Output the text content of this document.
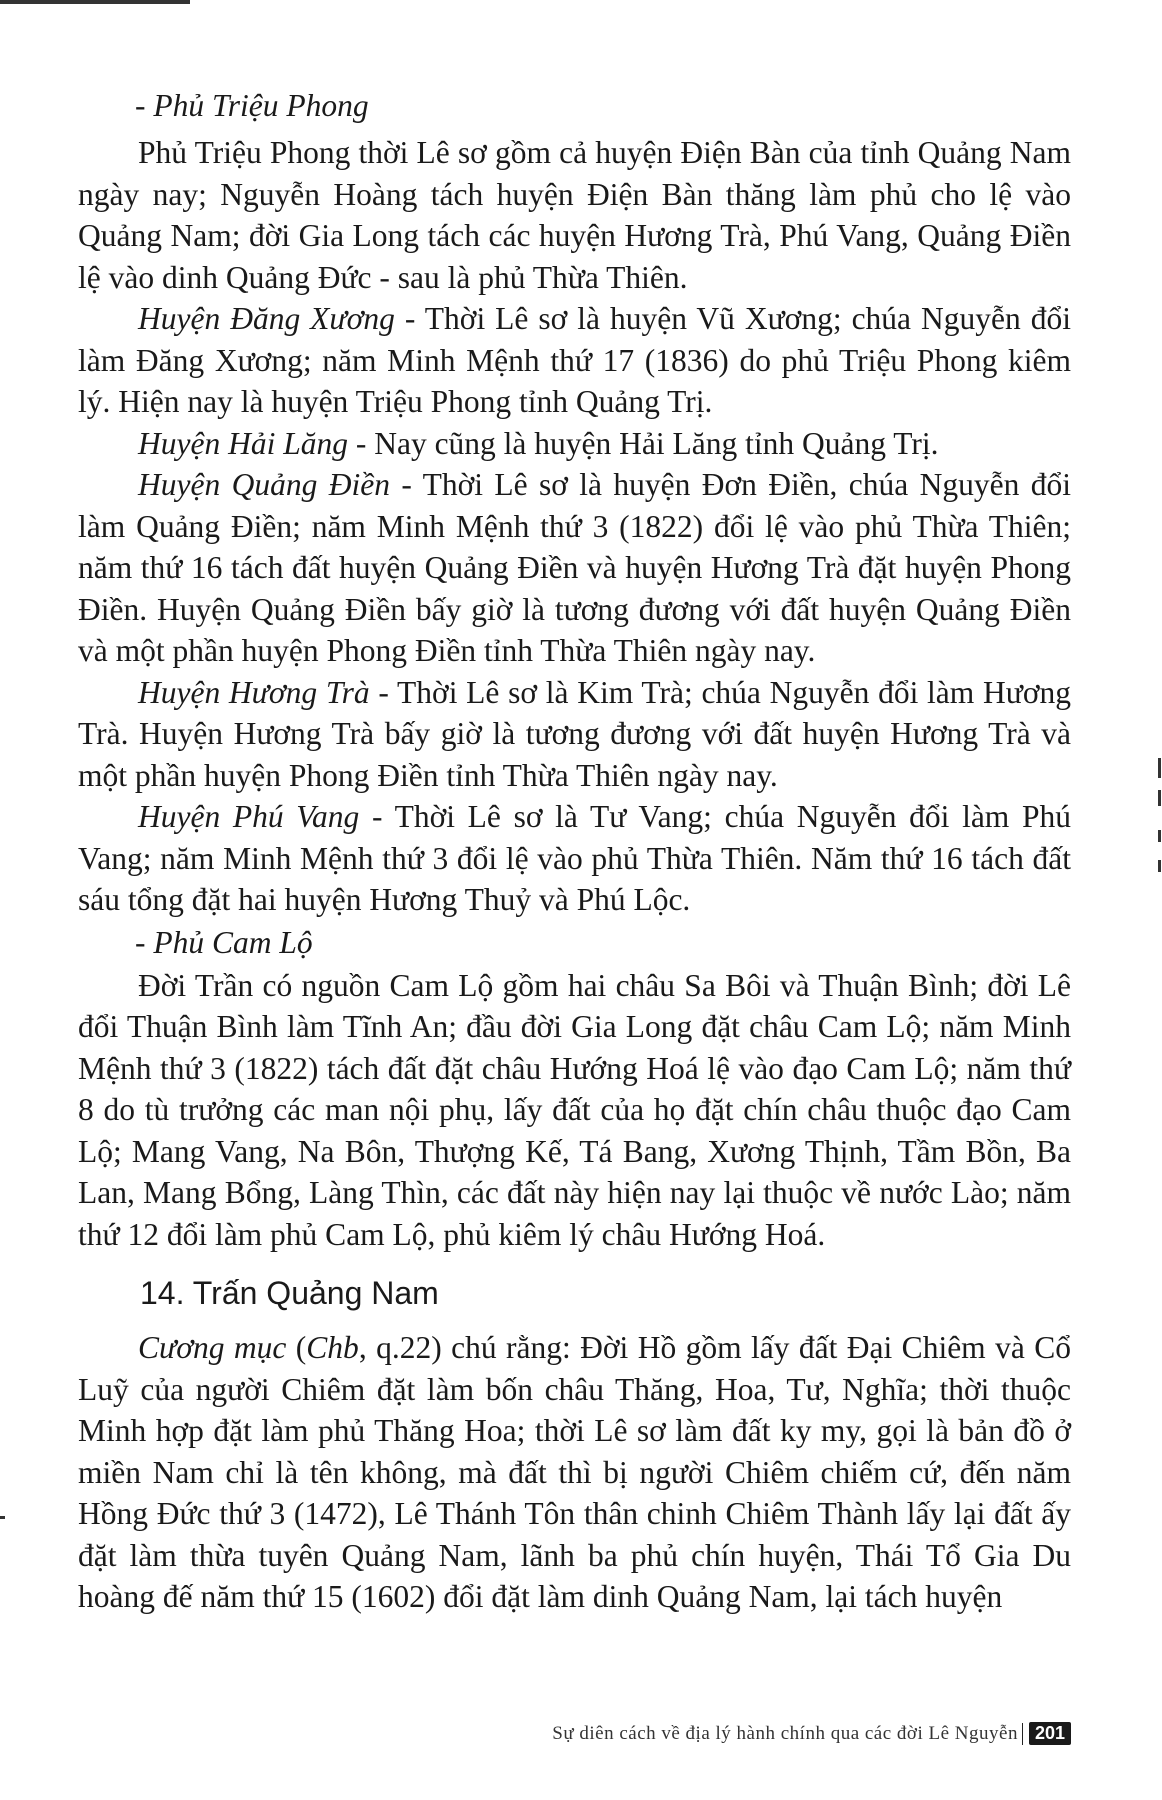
- Phủ Triệu Phong

Phủ Triệu Phong thời Lê sơ gồm cả huyện Điện Bàn của tỉnh Quảng Nam ngày nay; Nguyễn Hoàng tách huyện Điện Bàn thăng làm phủ cho lệ vào Quảng Nam; đời Gia Long tách các huyện Hương Trà, Phú Vang, Quảng Điền lệ vào dinh Quảng Đức - sau là phủ Thừa Thiên.

Huyện Đăng Xương - Thời Lê sơ là huyện Vũ Xương; chúa Nguyễn đổi làm Đăng Xương; năm Minh Mệnh thứ 17 (1836) do phủ Triệu Phong kiêm lý. Hiện nay là huyện Triệu Phong tỉnh Quảng Trị.

Huyện Hải Lăng - Nay cũng là huyện Hải Lăng tỉnh Quảng Trị.

Huyện Quảng Điền - Thời Lê sơ là huyện Đơn Điền, chúa Nguyễn đổi làm Quảng Điền; năm Minh Mệnh thứ 3 (1822) đổi lệ vào phủ Thừa Thiên; năm thứ 16 tách đất huyện Quảng Điền và huyện Hương Trà đặt huyện Phong Điền. Huyện Quảng Điền bấy giờ là tương đương với đất huyện Quảng Điền và một phần huyện Phong Điền tỉnh Thừa Thiên ngày nay.

Huyện Hương Trà - Thời Lê sơ là Kim Trà; chúa Nguyễn đổi làm Hương Trà. Huyện Hương Trà bấy giờ là tương đương với đất huyện Hương Trà và một phần huyện Phong Điền tỉnh Thừa Thiên ngày nay.

Huyện Phú Vang - Thời Lê sơ là Tư Vang; chúa Nguyễn đổi làm Phú Vang; năm Minh Mệnh thứ 3 đổi lệ vào phủ Thừa Thiên. Năm thứ 16 tách đất sáu tổng đặt hai huyện Hương Thuỷ và Phú Lộc.

- Phủ Cam Lộ

Đời Trần có nguồn Cam Lộ gồm hai châu Sa Bôi và Thuận Bình; đời Lê đổi Thuận Bình làm Tĩnh An; đầu đời Gia Long đặt châu Cam Lộ; năm Minh Mệnh thứ 3 (1822) tách đất đặt châu Hướng Hoá lệ vào đạo Cam Lộ; năm thứ 8 do tù trưởng các man nội phụ, lấy đất của họ đặt chín châu thuộc đạo Cam Lộ; Mang Vang, Na Bôn, Thượng Kế, Tá Bang, Xương Thịnh, Tầm Bồn, Ba Lan, Mang Bổng, Làng Thìn, các đất này hiện nay lại thuộc về nước Lào; năm thứ 12 đổi làm phủ Cam Lộ, phủ kiêm lý châu Hướng Hoá.

14. Trấn Quảng Nam

Cương mục (Chb, q.22) chú rằng: Đời Hồ gồm lấy đất Đại Chiêm và Cổ Luỹ của người Chiêm đặt làm bốn châu Thăng, Hoa, Tư, Nghĩa; thời thuộc Minh hợp đặt làm phủ Thăng Hoa; thời Lê sơ làm đất ky my, gọi là bản đồ ở miền Nam chỉ là tên không, mà đất thì bị người Chiêm chiếm cứ, đến năm Hồng Đức thứ 3 (1472), Lê Thánh Tôn thân chinh Chiêm Thành lấy lại đất ấy đặt làm thừa tuyên Quảng Nam, lãnh ba phủ chín huyện, Thái Tổ Gia Du hoàng đế năm thứ 15 (1602) đổi đặt làm dinh Quảng Nam, lại tách huyện

Sự diên cách về địa lý hành chính qua các đời Lê Nguyễn 201
